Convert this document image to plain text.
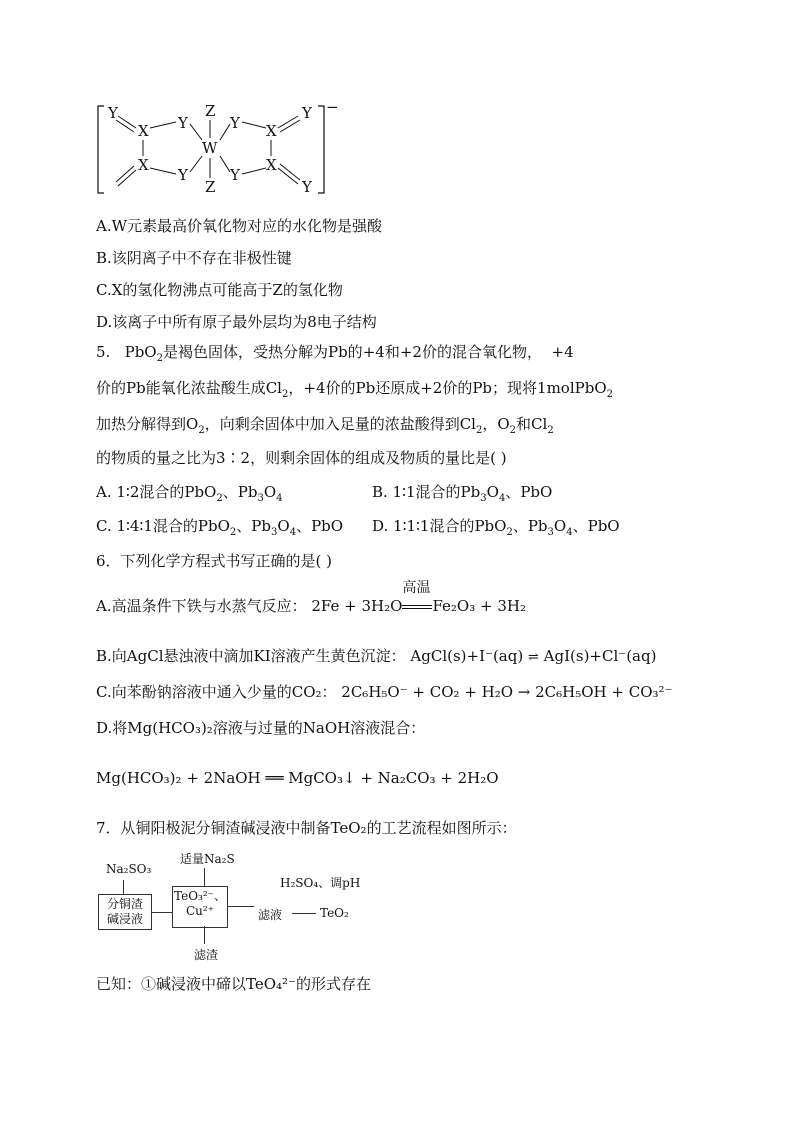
Y
X Y
Z
W
Y X
Y
X
Y
Z
Y
X
Y
−
A.W元素最高价氧化物对应的水化物是强酸
B.该阴离子中不存在非极性键
C.X的氢化物沸点可能高于Z的氢化物
D.该离子中所有原子最外层均为8电子结构
5.   PbO$_2$是褐色固体，受热分解为Pb的+4和+2价的混合氧化物， +4
价的Pb能氧化浓盐酸生成$Cl_2$，+4价的Pb还原成+2价的Pb；现将1molPbO$_2$
加热分解得到$O_2$，向剩余固体中加入足量的浓盐酸得到$Cl_2$，$O_2$和$Cl_2$
的物质的量之比为3∶2，则剩余固体的组成及物质的量比是( )
A. 1∶2混合的PbO$_2$、$Pb_3O_4$	B. 1∶1混合的$Pb_3O_4$、PbO
C. 1∶4∶1混合的PbO$_2$、$Pb_3O_4$、PbO D. 1∶1∶1混合的PbO$_2$、$Pb_3O_4$、PbO
6．下列化学方程式书写正确的是( )
A.高温条件下铁与水蒸气反应： 2Fe + 3H₂O
高温
Fe₂O₃ + 3H₂
B.向AgCl悬浊液中滴加KI溶液产生黄色沉淀： AgCl(s)+I⁻(aq) ⇌ AgI(s)+Cl⁻(aq)
C.向苯酚钠溶液中通入少量的CO₂： 2C₆H₅O⁻ + CO₂ + H₂O → 2C₆H₅OH + CO₃²⁻
D.将Mg(HCO₃)₂溶液与过量的NaOH溶液混合：
Mg(HCO₃)₂ + 2NaOH ══ MgCO₃↓ + Na₂CO₃ + 2H₂O
7．从铜阳极泥分铜渣碱浸液中制备TeO₂的工艺流程如图所示：
Na₂SO₃
分铜渣
碱浸液
适量Na₂S
TeO₃²⁻、
Cu²⁺	滤液
H₂SO₄、调pH
TeO₂
滤渣
已知：①碱浸液中碲以TeO₄²⁻的形式存在
